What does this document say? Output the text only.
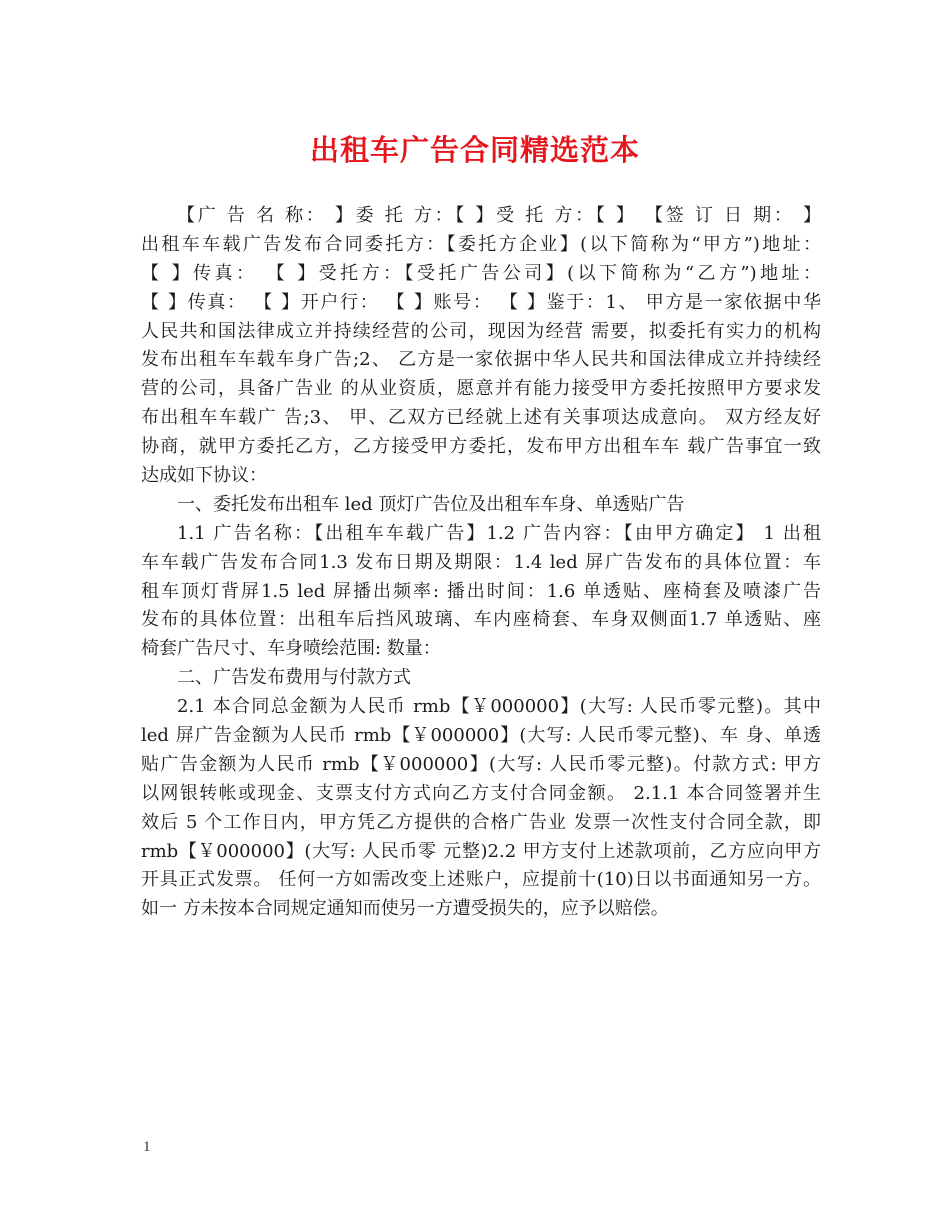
出租车广告合同精选范本
【广 告 名 称： 】委 托 方：【 】受 托 方：【 】 【签 订 日 期： 】
出租车车载广告发布合同委托方：【委托方企业】(以下简称为“甲方”)地址：
【 】传真： 【 】受托方：【受托广告公司】(以下简称为“乙方”)地址：
【 】传真： 【 】开户行： 【 】账号： 【 】鉴于：1、 甲方是一家依据中华
人民共和国法律成立并持续经营的公司，现因为经营 需要，拟委托有实力的机构
发布出租车车载车身广告;2、 乙方是一家依据中华人民共和国法律成立并持续经
营的公司，具备广告业 的从业资质，愿意并有能力接受甲方委托按照甲方要求发
布出租车车载广 告;3、 甲、乙双方已经就上述有关事项达成意向。 双方经友好
协商，就甲方委托乙方，乙方接受甲方委托，发布甲方出租车车 载广告事宜一致
达成如下协议：
一、委托发布出租车 led 顶灯广告位及出租车车身、单透贴广告
1.1 广告名称：【出租车车载广告】1.2 广告内容：【由甲方确定】 1 出租
车车载广告发布合同1.3 发布日期及期限：1.4 led 屏广告发布的具体位置：车
租车顶灯背屏1.5 led 屏播出频率: 播出时间：1.6 单透贴、座椅套及喷漆广告
发布的具体位置：出租车后挡风玻璃、车内座椅套、车身双侧面1.7 单透贴、座
椅套广告尺寸、车身喷绘范围: 数量：
二、广告发布费用与付款方式
2.1 本合同总金额为人民币 rmb【￥000000】(大写: 人民币零元整)。其中
led 屏广告金额为人民币 rmb【￥000000】(大写: 人民币零元整)、车 身、单透
贴广告金额为人民币 rmb【￥000000】(大写: 人民币零元整)。付款方式: 甲方
以网银转帐或现金、支票支付方式向乙方支付合同金额。 2.1.1 本合同签署并生
效后 5 个工作日内，甲方凭乙方提供的合格广告业 发票一次性支付合同全款，即
rmb【￥000000】(大写: 人民币零 元整)2.2 甲方支付上述款项前，乙方应向甲方
开具正式发票。 任何一方如需改变上述账户，应提前十(10)日以书面通知另一方。
如一 方未按本合同规定通知而使另一方遭受损失的，应予以赔偿。
1
